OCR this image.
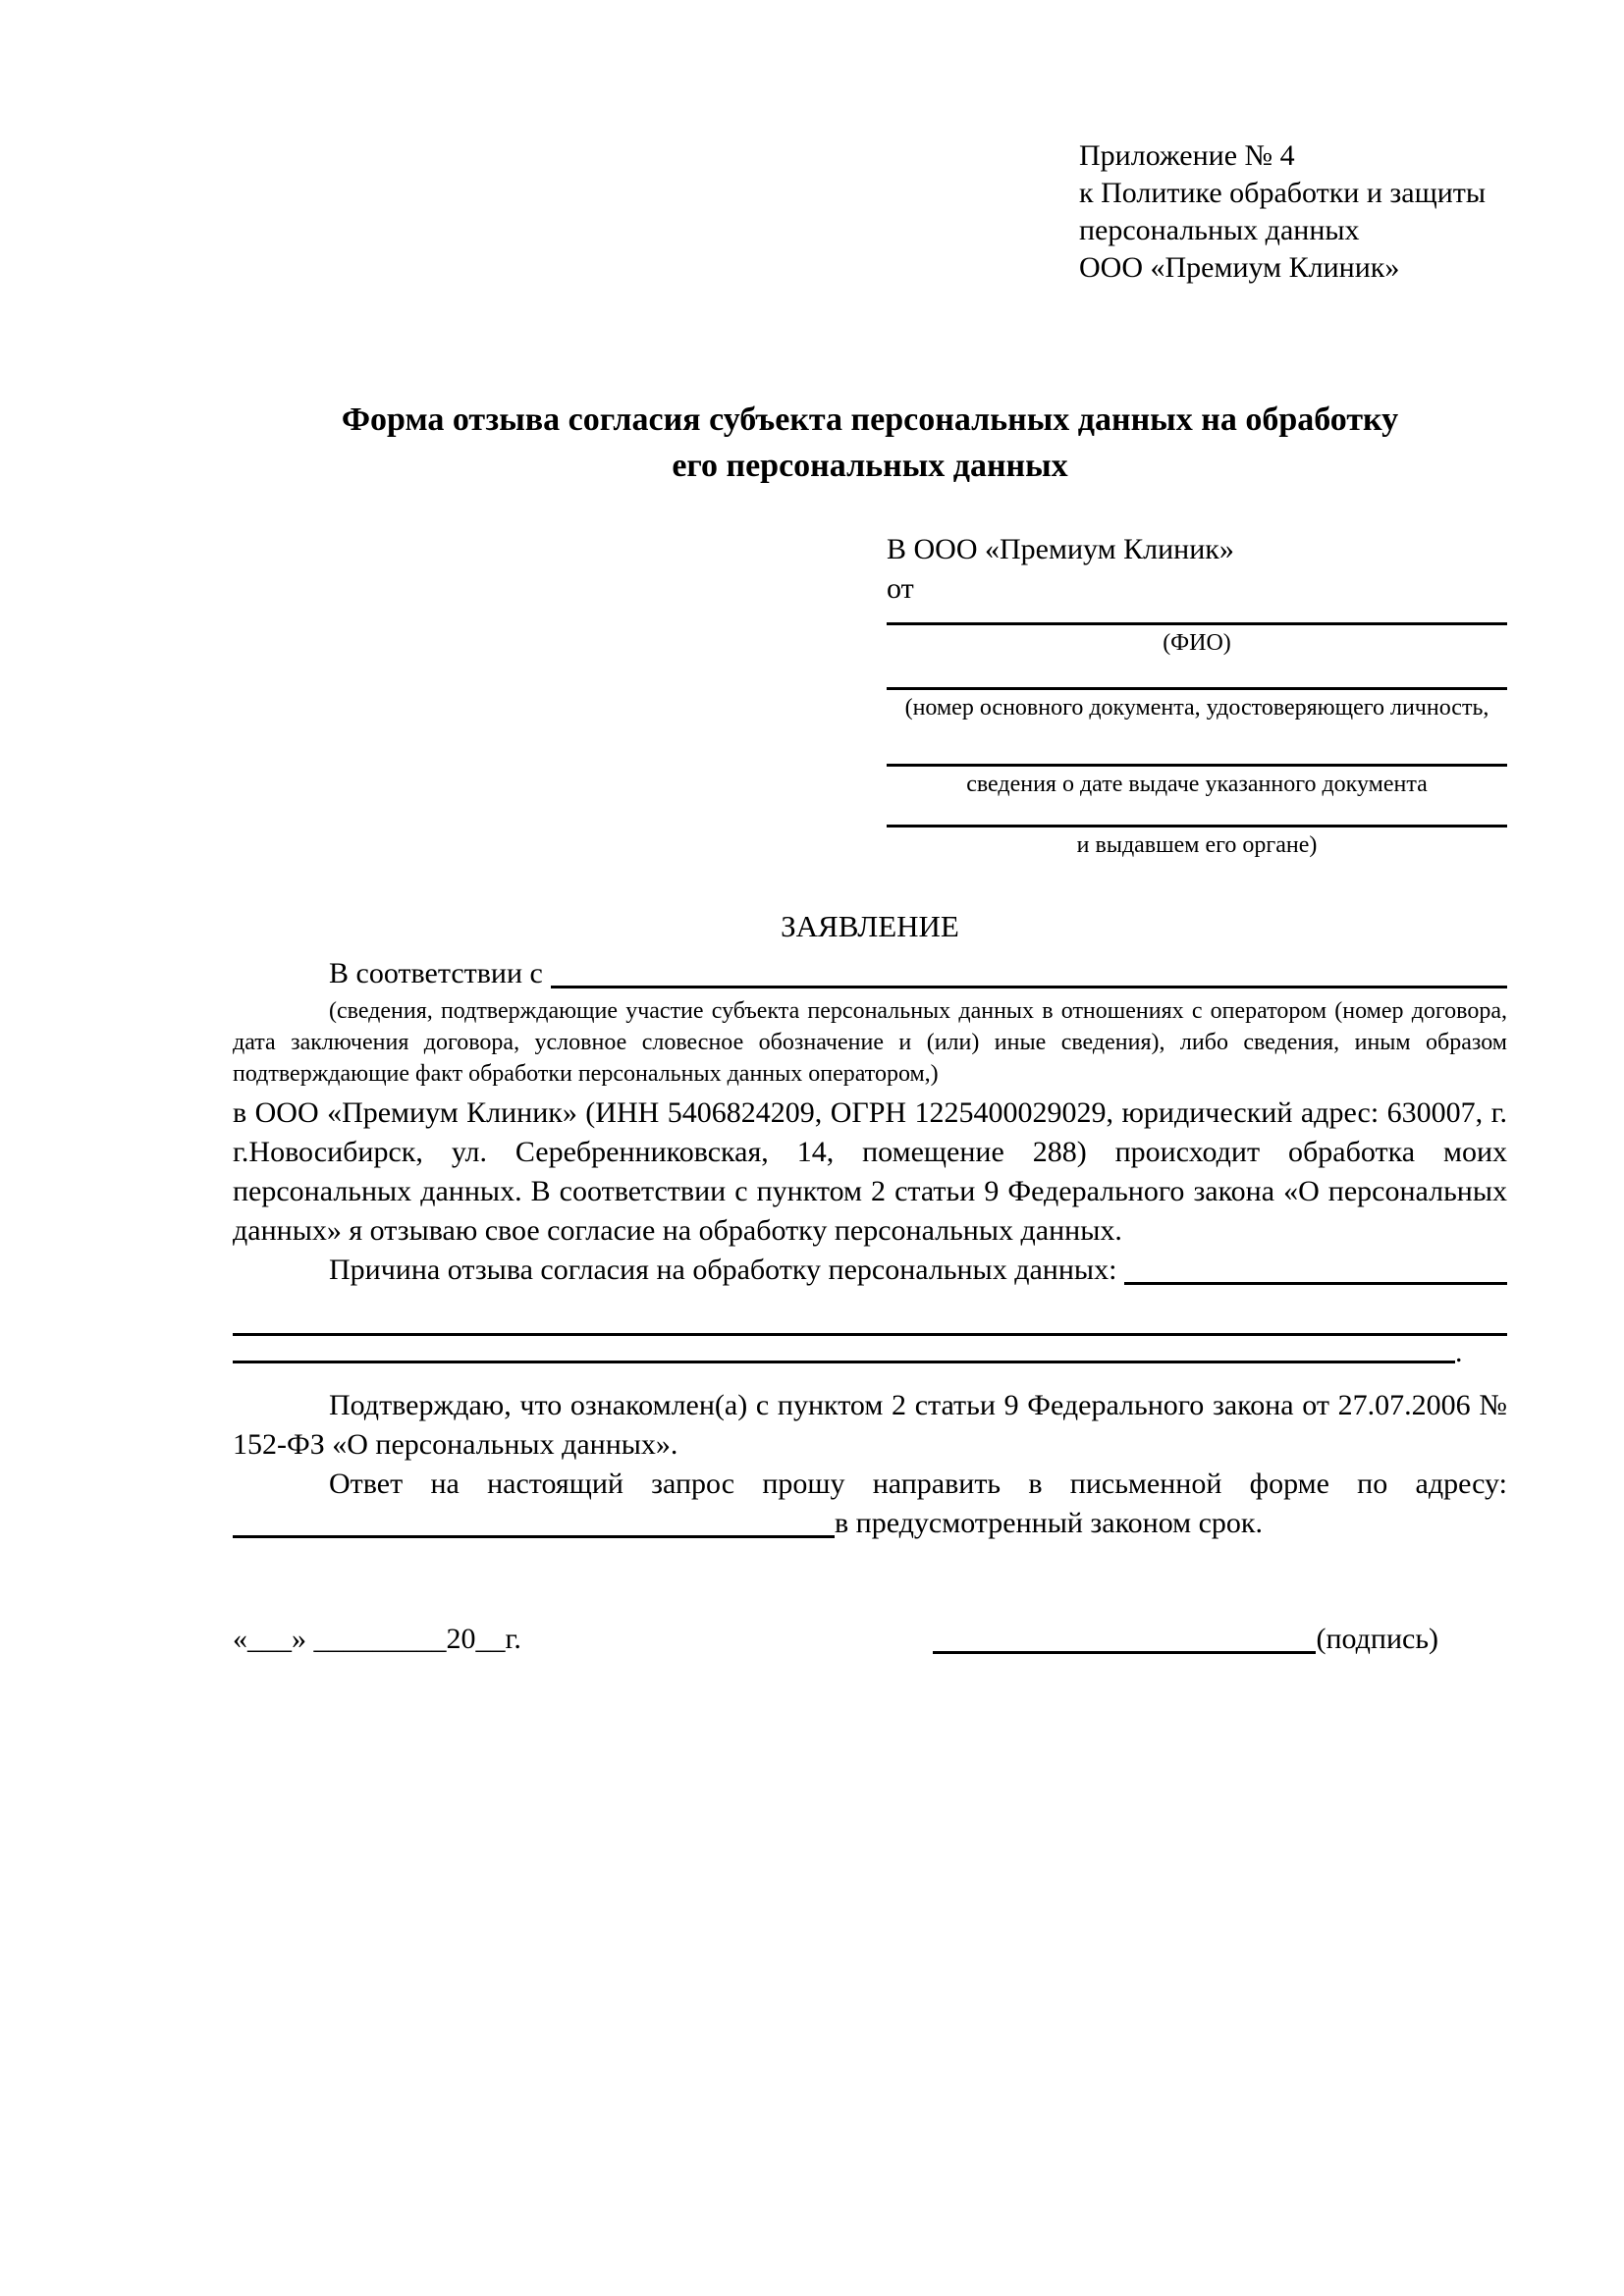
Приложение № 4
к Политике обработки и защиты
персональных данных
ООО «Премиум Клиник»
Форма отзыва согласия субъекта персональных данных на обработку
его персональных данных
В ООО «Премиум Клиник»
от
(ФИО)
(номер основного документа, удостоверяющего личность,
сведения о дате выдаче указанного документа
и выдавшем его органе)
ЗАЯВЛЕНИЕ
В соответствии с
(сведения, подтверждающие участие субъекта персональных данных в отношениях с оператором (номер договора, дата заключения договора, условное словесное обозначение и (или) иные сведения), либо сведения, иным образом подтверждающие факт обработки персональных данных оператором,)
в ООО «Премиум Клиник» (ИНН 5406824209, ОГРН 1225400029029, юридический адрес: 630007, г. г.Новосибирск, ул. Серебренниковская, 14, помещение 288) происходит обработка моих персональных данных. В соответствии с пунктом 2 статьи 9 Федерального закона «О персональных данных» я отзываю свое согласие на обработку персональных данных.
Причина отзыва согласия на обработку персональных данных:
.
Подтверждаю, что ознакомлен(а) с пунктом 2 статьи 9 Федерального закона от 27.07.2006 № 152-ФЗ «О персональных данных».
Ответ на настоящий запрос прошу направить в письменной форме по адресу:
в предусмотренный законом срок.
«___» _________20__г.	(подпись)
